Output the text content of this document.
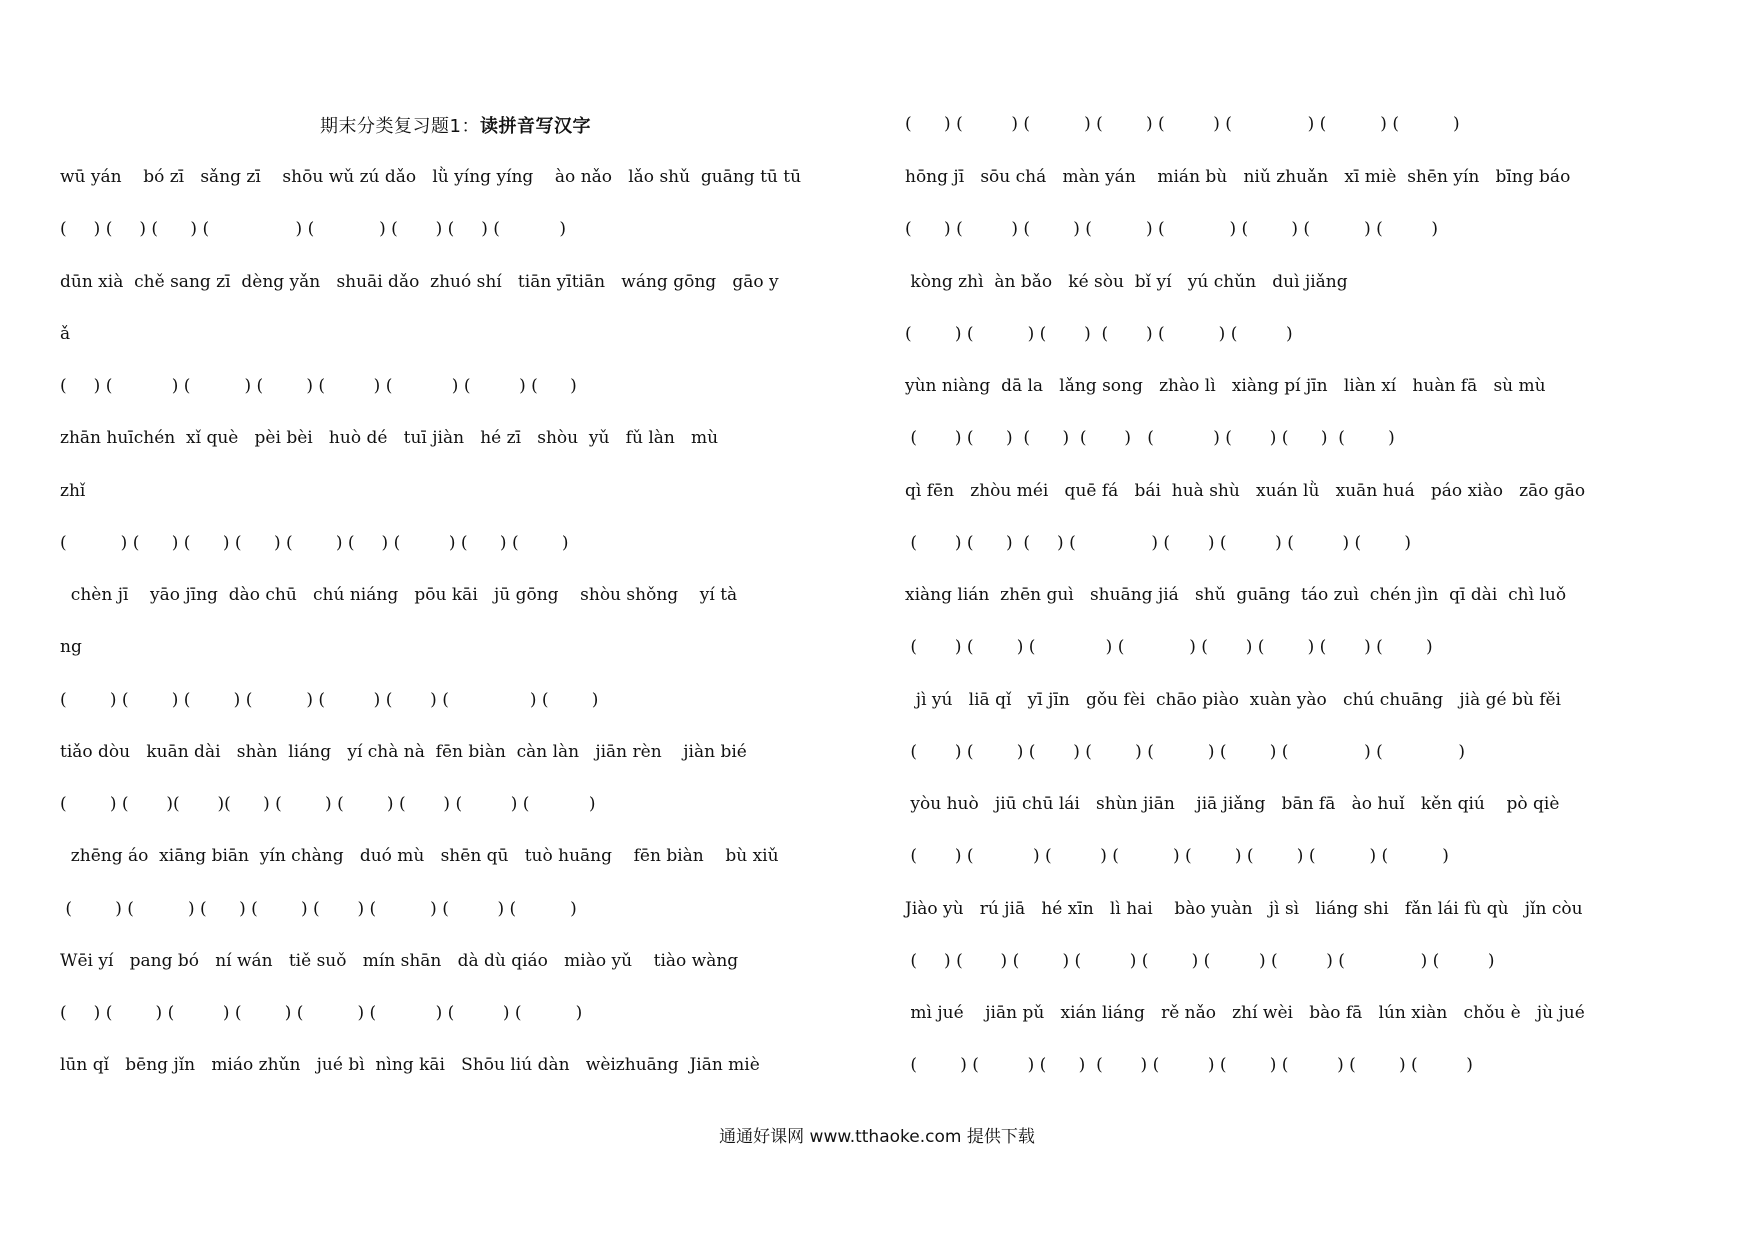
期末分类复习题1：读拼音写汉字
wū yán    bó zī   sǎng zī    shōu wǔ zú dǎo   lǜ yíng yíng    ào nǎo   lǎo shǔ  guāng tū tū
(     ) (     ) (      ) (                ) (            ) (       ) (     ) (           )
dūn xià  chě sang zī  dèng yǎn   shuāi dǎo  zhuó shí   tiān yītiān   wáng gōng   gāo y
ǎ
(     ) (           ) (          ) (        ) (         ) (           ) (         ) (      )
zhān huīchén  xǐ què   pèi bèi   huò dé   tuī jiàn   hé zī   shòu  yǔ   fǔ làn   mù
zhǐ
(          ) (      ) (      ) (      ) (        ) (     ) (         ) (      ) (        )
chèn jī    yāo jīng  dào chū   chú niáng   pōu kāi   jū gōng    shòu shǒng    yí tà
ng
(        ) (        ) (        ) (          ) (         ) (       ) (               ) (        )
tiǎo dòu   kuān dài   shàn  liáng   yí chà nà  fēn biàn  càn làn   jiān rèn    jiàn bié
(        ) (       )(       )(      ) (        ) (        ) (       ) (         ) (           )
zhēng áo  xiāng biān  yín chàng   duó mù   shēn qū   tuò huāng    fēn biàn    bù xiǔ
(        ) (          ) (      ) (        ) (       ) (          ) (         ) (          )
Wēi yí   pang bó   ní wán   tiě suǒ   mín shān   dà dù qiáo   miào yǔ    tiào wàng
(     ) (        ) (         ) (        ) (          ) (           ) (         ) (          )
lūn qǐ   bēng jǐn   miáo zhǔn   jué bì  nìng kāi   Shōu liú dàn   wèizhuāng  Jiān miè
(      ) (         ) (          ) (        ) (         ) (              ) (          ) (          )
hōng jī   sōu chá   màn yán    mián bù   niǔ zhuǎn   xī miè  shēn yín   bīng báo
(      ) (         ) (        ) (          ) (            ) (        ) (          ) (         )
kòng zhì  àn bǎo   ké sòu  bǐ yí   yú chǔn   duì jiǎng
(        ) (          ) (       )  (       ) (          ) (         )
yùn niàng  dā la   lǎng song   zhào lì   xiàng pí jīn   liàn xí   huàn fā   sù mù
(       ) (      )  (      )  (       )   (           ) (       ) (      )  (        )
qì fēn   zhòu méi   quē fá   bái  huà shù   xuán lǜ   xuān huá   páo xiào   zāo gāo
(       ) (      )  (     ) (              ) (       ) (         ) (         ) (        )
xiàng lián  zhēn guì   shuāng jiá   shǔ  guāng  táo zuì  chén jìn  qī dài  chì luǒ
(       ) (        ) (             ) (            ) (       ) (        ) (       ) (        )
jì yú   liā qǐ   yī jīn   gǒu fèi  chāo piào  xuàn yào   chú chuāng   jià gé bù fěi
(       ) (        ) (       ) (        ) (          ) (        ) (              ) (              )
yòu huò   jiū chū lái   shùn jiān    jiā jiǎng   bān fā   ào huǐ   kěn qiú    pò qiè
(       ) (           ) (         ) (          ) (        ) (        ) (          ) (          )
Jiào yù   rú jiā   hé xīn   lì hai    bào yuàn   jì sì   liáng shi   fǎn lái fù qù   jǐn còu
(     ) (       ) (        ) (         ) (        ) (         ) (         ) (              ) (         )
mì jué    jiān pǔ   xián liáng   rě nǎo   zhí wèi   bào fā   lún xiàn   chǒu è   jù jué
(        ) (         ) (      )  (       ) (         ) (        ) (         ) (        ) (         )
通通好课网 www.tthaoke.com 提供下载
